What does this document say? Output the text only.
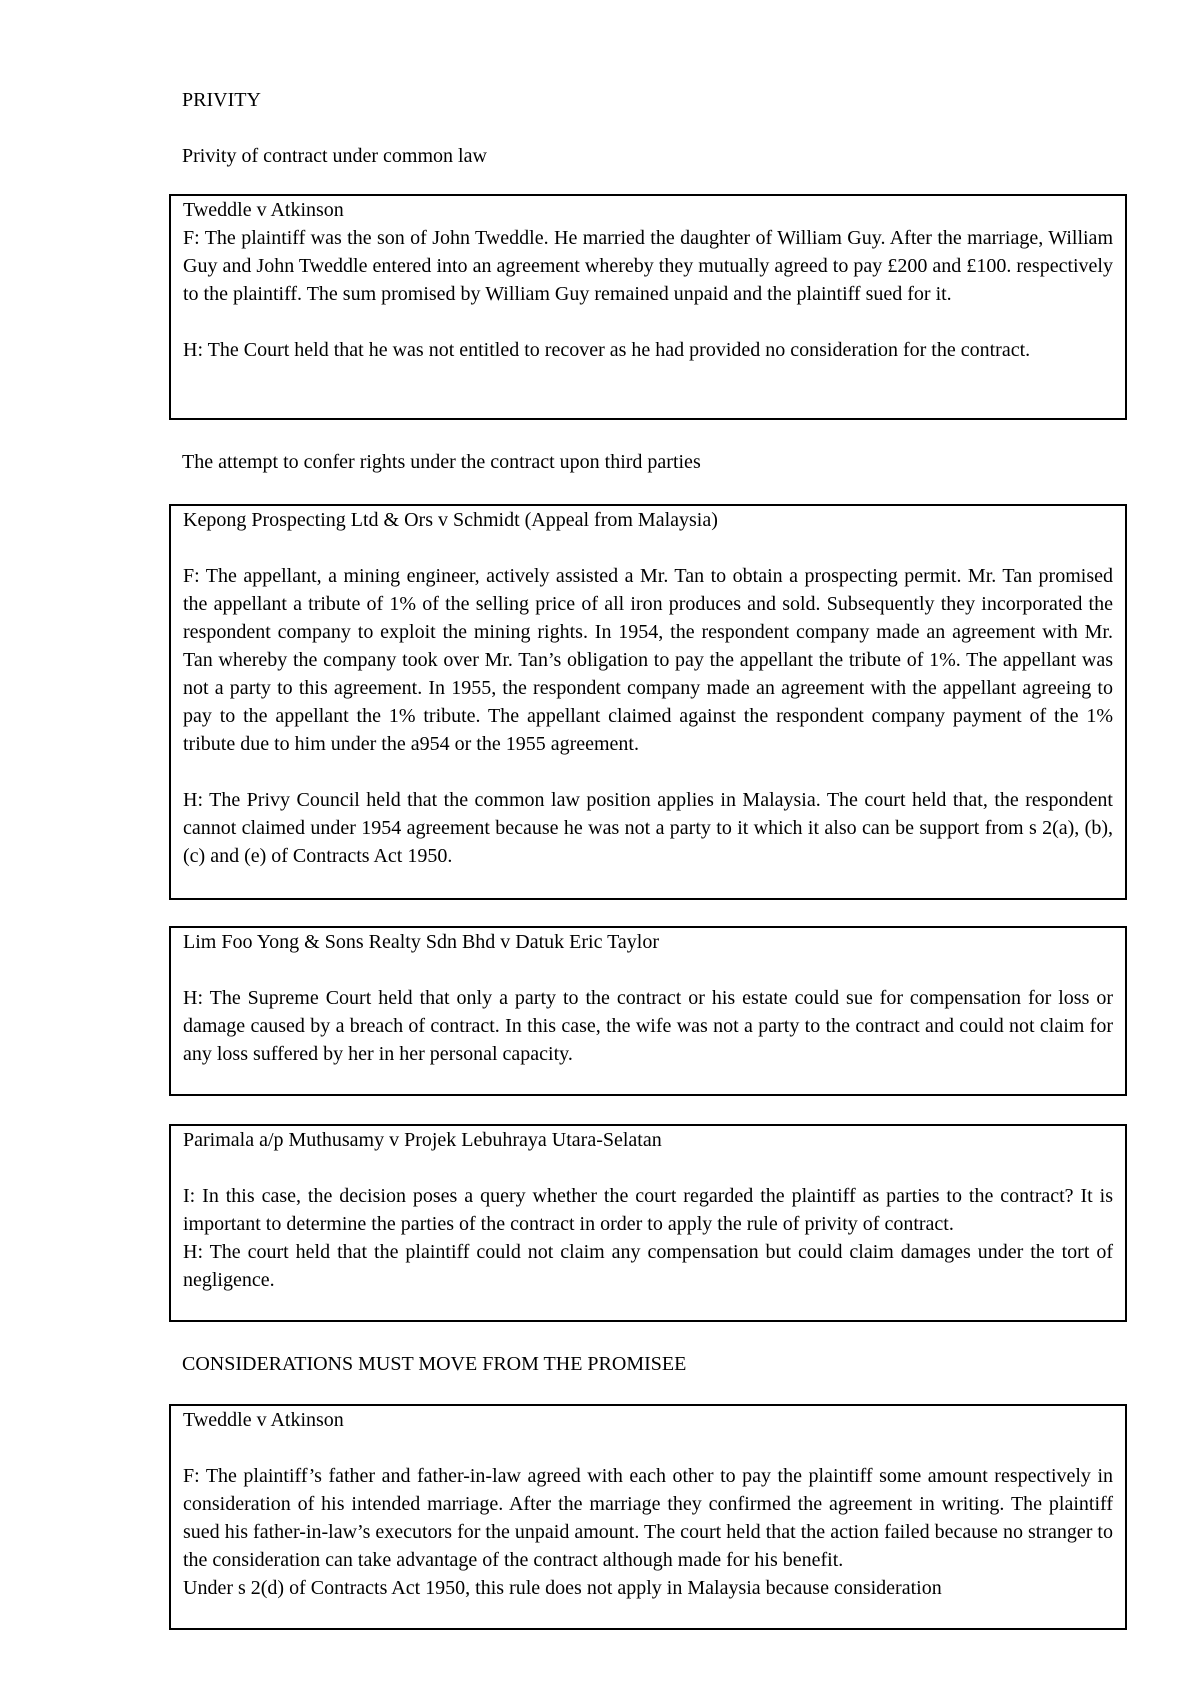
PRIVITY
Privity of contract under common law

Tweddle v Atkinson

F: The plaintiff was the son of John Tweddle. He married the daughter of William Guy. After the marriage, William Guy and John Tweddle entered into an agreement whereby they mutually agreed to pay £200 and £100. respectively to the plaintiff. The sum promised by William Guy remained unpaid and the plaintiff sued for it.

H: The Court held that he was not entitled to recover as he had provided no consideration for the contract.

The attempt to confer rights under the contract upon third parties

Kepong Prospecting Ltd & Ors v Schmidt (Appeal from Malaysia)

F: The appellant, a mining engineer, actively assisted a Mr. Tan to obtain a prospecting permit. Mr. Tan promised the appellant a tribute of 1% of the selling price of all iron produces and sold. Subsequently they incorporated the respondent company to exploit the mining rights. In 1954, the respondent company made an agreement with Mr. Tan whereby the company took over Mr. Tan’s obligation to pay the appellant the tribute of 1%. The appellant was not a party to this agreement. In 1955, the respondent company made an agreement with the appellant agreeing to pay to the appellant the 1% tribute. The appellant claimed against the respondent company payment of the 1% tribute due to him under the a954 or the 1955 agreement.

H: The Privy Council held that the common law position applies in Malaysia. The court held that, the respondent cannot claimed under 1954 agreement because he was not a party to it which it also can be support from s 2(a), (b), (c) and (e) of Contracts Act 1950.

Lim Foo Yong & Sons Realty Sdn Bhd v Datuk Eric Taylor

H: The Supreme Court held that only a party to the contract or his estate could sue for compensation for loss or damage caused by a breach of contract. In this case, the wife was not a party to the contract and could not claim for any loss suffered by her in her personal capacity.

Parimala a/p Muthusamy v Projek Lebuhraya Utara-Selatan

I: In this case, the decision poses a query whether the court regarded the plaintiff as parties to the contract? It is important to determine the parties of the contract in order to apply the rule of privity of contract.

H: The court held that the plaintiff could not claim any compensation but could claim damages under the tort of negligence.

CONSIDERATIONS MUST MOVE FROM THE PROMISEE

Tweddle v Atkinson

F: The plaintiff’s father and father-in-law agreed with each other to pay the plaintiff some amount respectively in consideration of his intended marriage. After the marriage they confirmed the agreement in writing. The plaintiff sued his father-in-law’s executors for the unpaid amount. The court held that the action failed because no stranger to the consideration can take advantage of the contract although made for his benefit.

Under s 2(d) of Contracts Act 1950, this rule does not apply in Malaysia because consideration
